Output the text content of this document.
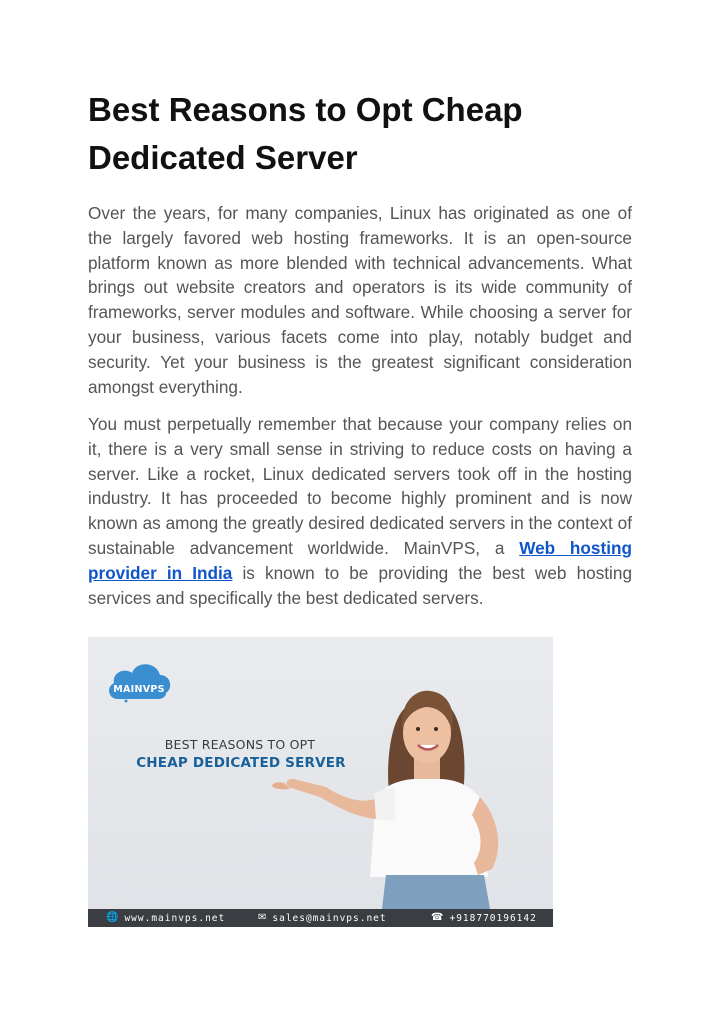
Best Reasons to Opt Cheap Dedicated Server

Over the years, for many companies, Linux has originated as one of the largely favored web hosting frameworks. It is an open-source platform known as more blended with technical advancements. What brings out website creators and operators is its wide community of frameworks, server modules and software. While choosing a server for your business, various facets come into play, notably budget and security. Yet your business is the greatest significant consideration amongst everything.

You must perpetually remember that because your company relies on it, there is a very small sense in striving to reduce costs on having a server. Like a rocket, Linux dedicated servers took off in the hosting industry. It has proceeded to become highly prominent and is now known as among the greatly desired dedicated servers in the context of sustainable advancement worldwide. MainVPS, a Web hosting provider in India is known to be providing the best web hosting services and specifically the best dedicated servers.

MAINVPS
BEST REASONS TO OPT
CHEAP DEDICATED SERVER
🌐 www.mainvps.net	✉ sales@mainvps.net	☎ +918770196142
